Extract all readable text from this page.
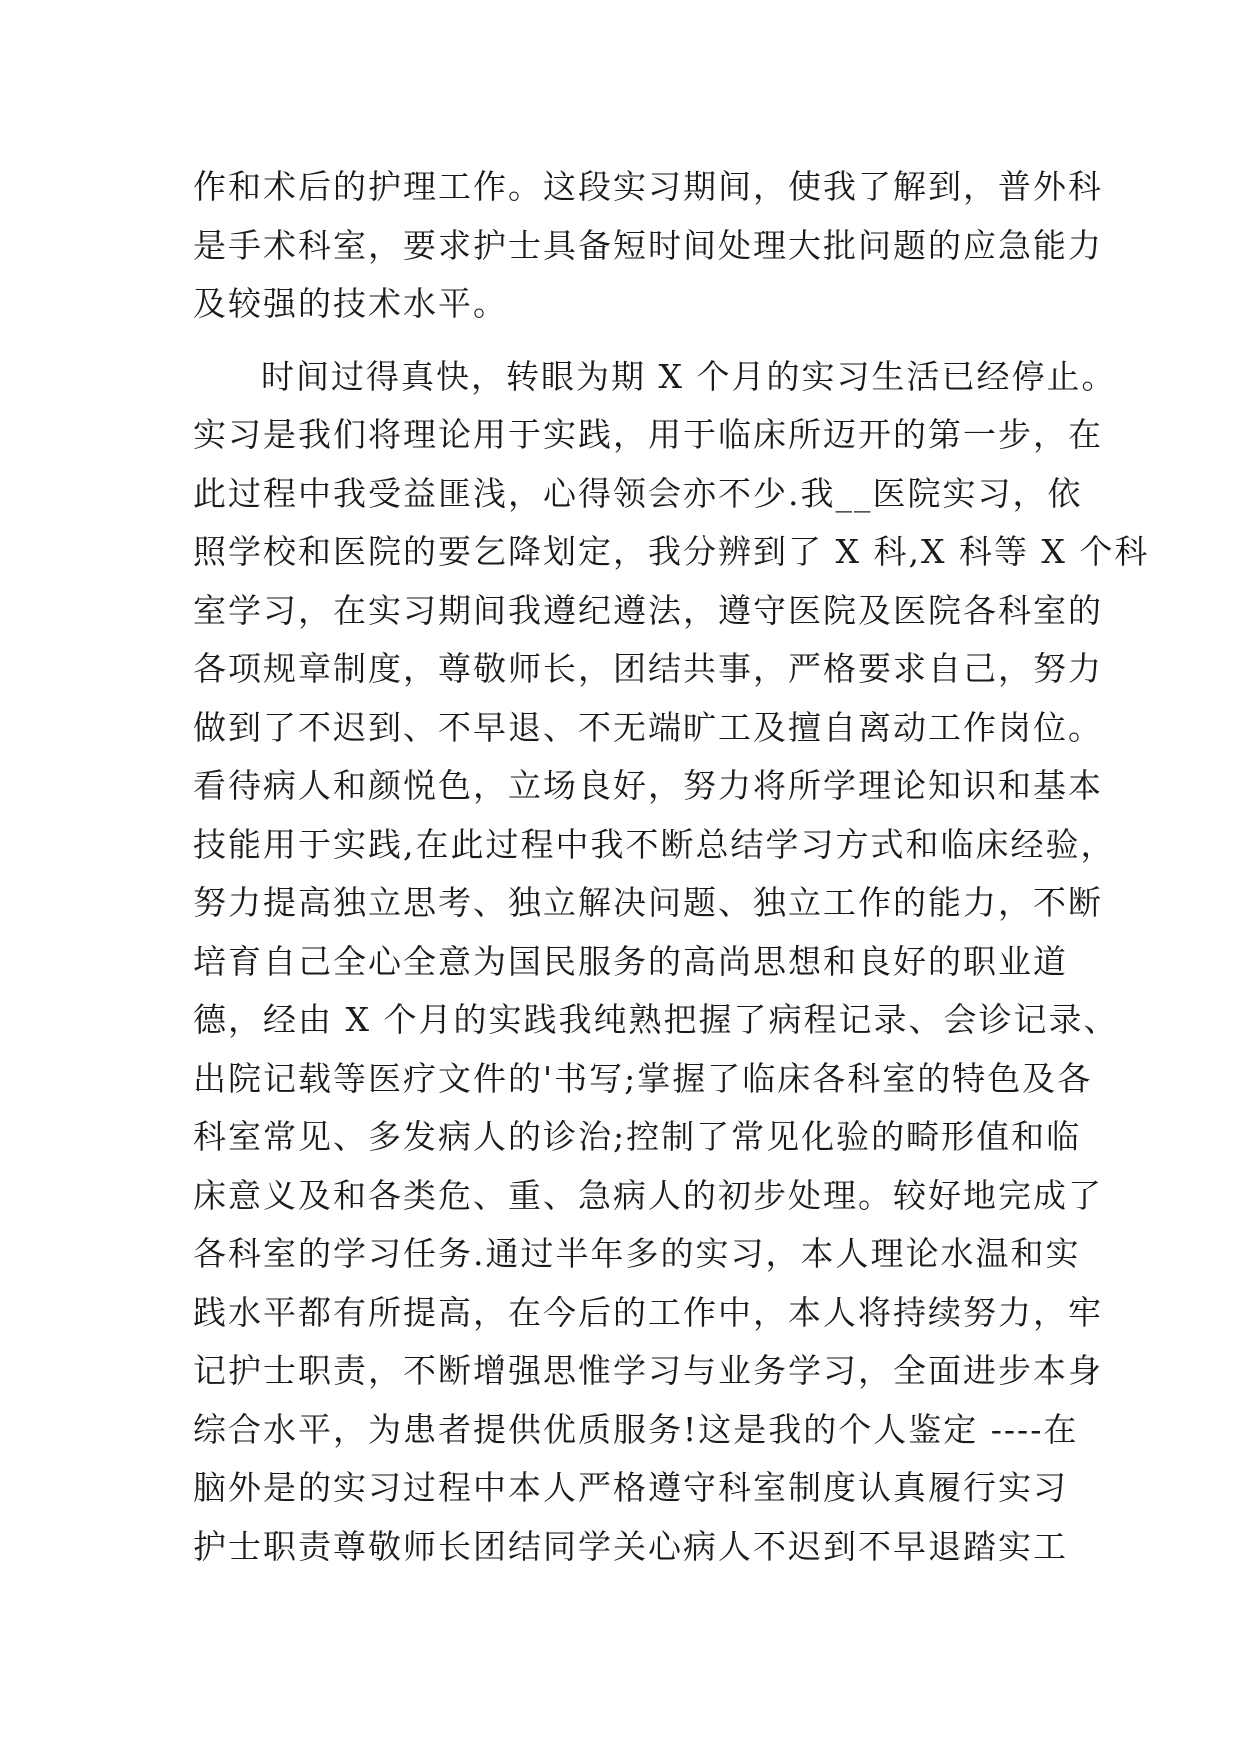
作和术后的护理工作。这段实习期间，使我了解到，普外科
是手术科室，要求护士具备短时间处理大批问题的应急能力
及较强的技术水平。
时间过得真快，转眼为期 X 个月的实习生活已经停止。
实习是我们将理论用于实践，用于临床所迈开的第一步，在
此过程中我受益匪浅，心得领会亦不少.我__医院实习，依
照学校和医院的要乞降划定，我分辨到了 X 科,X 科等 X 个科
室学习，在实习期间我遵纪遵法，遵守医院及医院各科室的
各项规章制度，尊敬师长，团结共事，严格要求自己，努力
做到了不迟到、不早退、不无端旷工及擅自离动工作岗位。
看待病人和颜悦色，立场良好，努力将所学理论知识和基本
技能用于实践,在此过程中我不断总结学习方式和临床经验，
努力提高独立思考、独立解决问题、独立工作的能力，不断
培育自己全心全意为国民服务的高尚思想和良好的职业道
德，经由 X 个月的实践我纯熟把握了病程记录、会诊记录、
出院记载等医疗文件的'书写;掌握了临床各科室的特色及各
科室常见、多发病人的诊治;控制了常见化验的畸形值和临
床意义及和各类危、重、急病人的初步处理。较好地完成了
各科室的学习任务.通过半年多的实习，本人理论水温和实
践水平都有所提高，在今后的工作中，本人将持续努力，牢
记护士职责，不断增强思惟学习与业务学习，全面进步本身
综合水平，为患者提供优质服务!这是我的个人鉴定 ----在
脑外是的实习过程中本人严格遵守科室制度认真履行实习
护士职责尊敬师长团结同学关心病人不迟到不早退踏实工
